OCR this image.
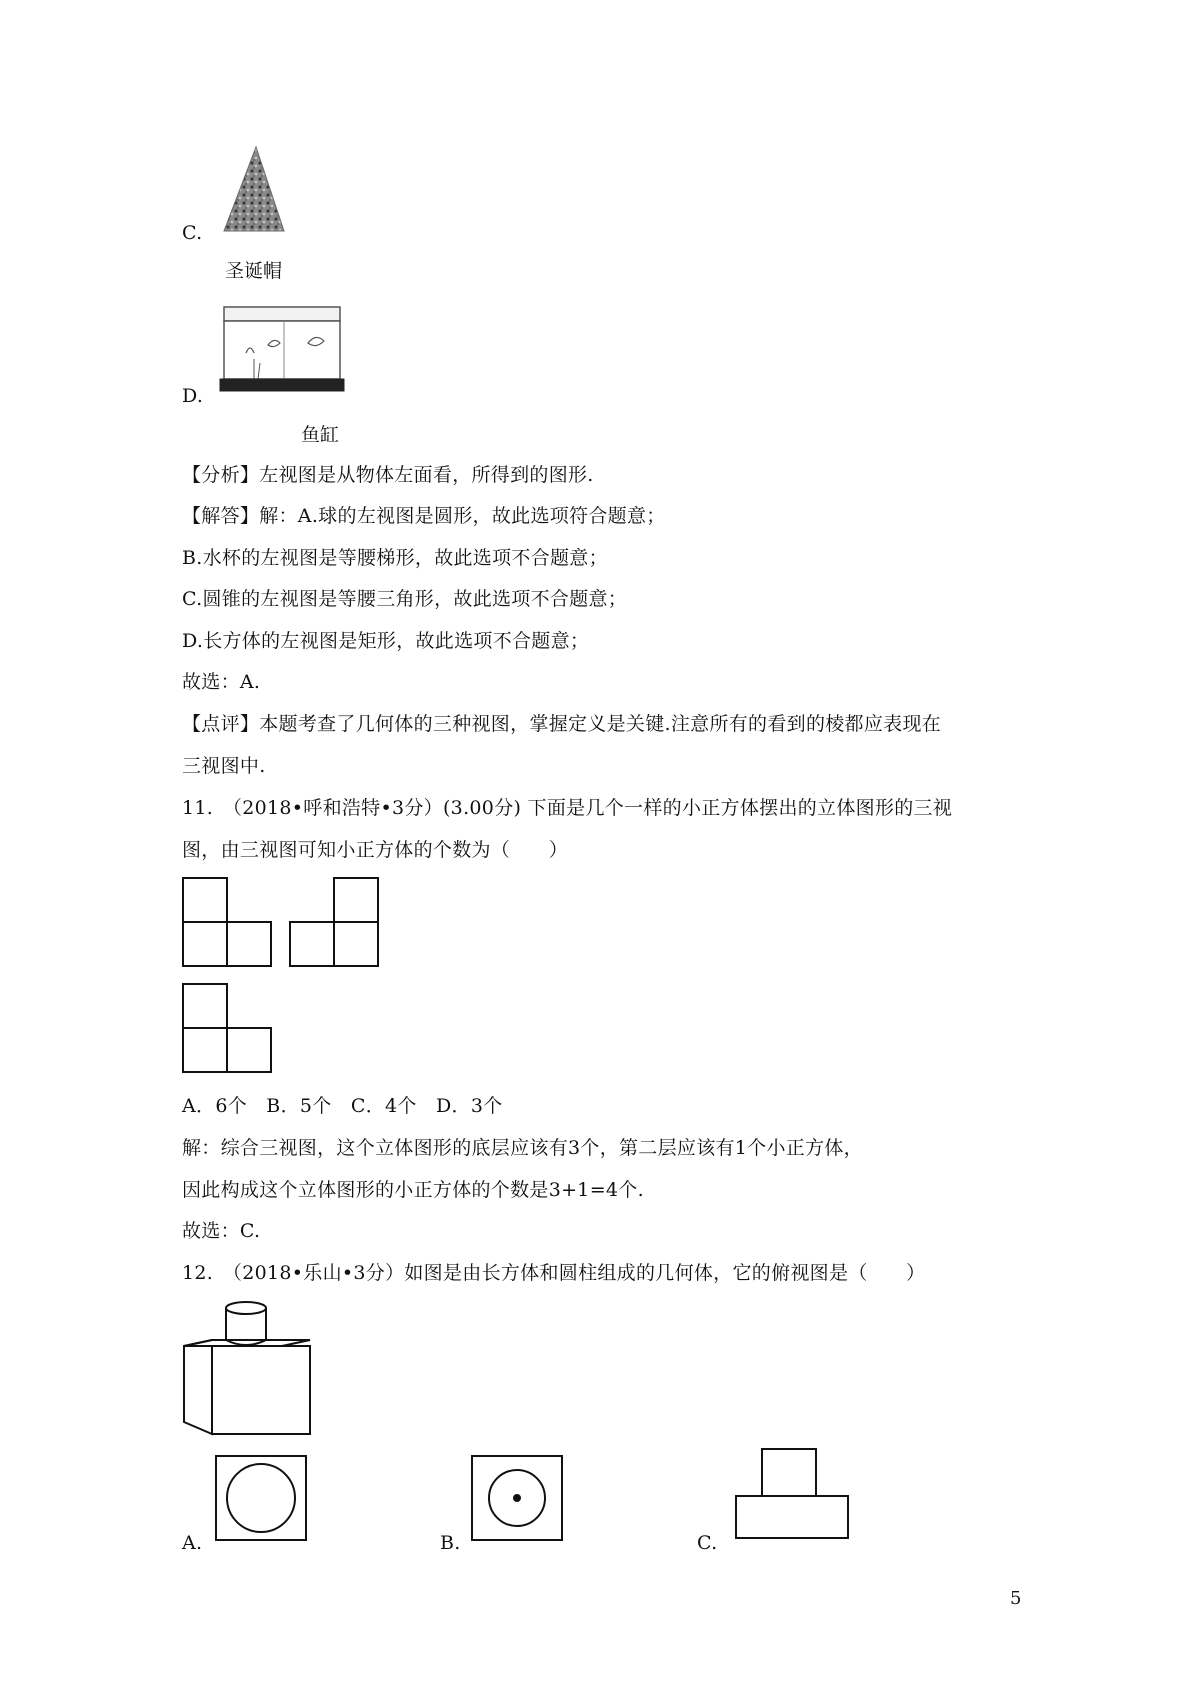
C.
圣诞帽
D.
鱼缸
【分析】左视图是从物体左面看，所得到的图形.
【解答】解：A.球的左视图是圆形，故此选项符合题意；
B.水杯的左视图是等腰梯形，故此选项不合题意；
C.圆锥的左视图是等腰三角形，故此选项不合题意；
D.长方体的左视图是矩形，故此选项不合题意；
故选：A.
【点评】本题考查了几何体的三种视图，掌握定义是关键.注意所有的看到的棱都应表现在
三视图中.
11.　（2018•呼和浩特•3分）(3.00分) 下面是几个一样的小正方体摆出的立体图形的三视
图，由三视图可知小正方体的个数为（　　）
A．6个　B．5个　C．4个　D．3个
解：综合三视图，这个立体图形的底层应该有3个，第二层应该有1个小正方体，
因此构成这个立体图形的小正方体的个数是3+1=4个.
故选：C.
12.　（2018•乐山•3分）如图是由长方体和圆柱组成的几何体，它的俯视图是（　　）
A.	B.	C.
5
